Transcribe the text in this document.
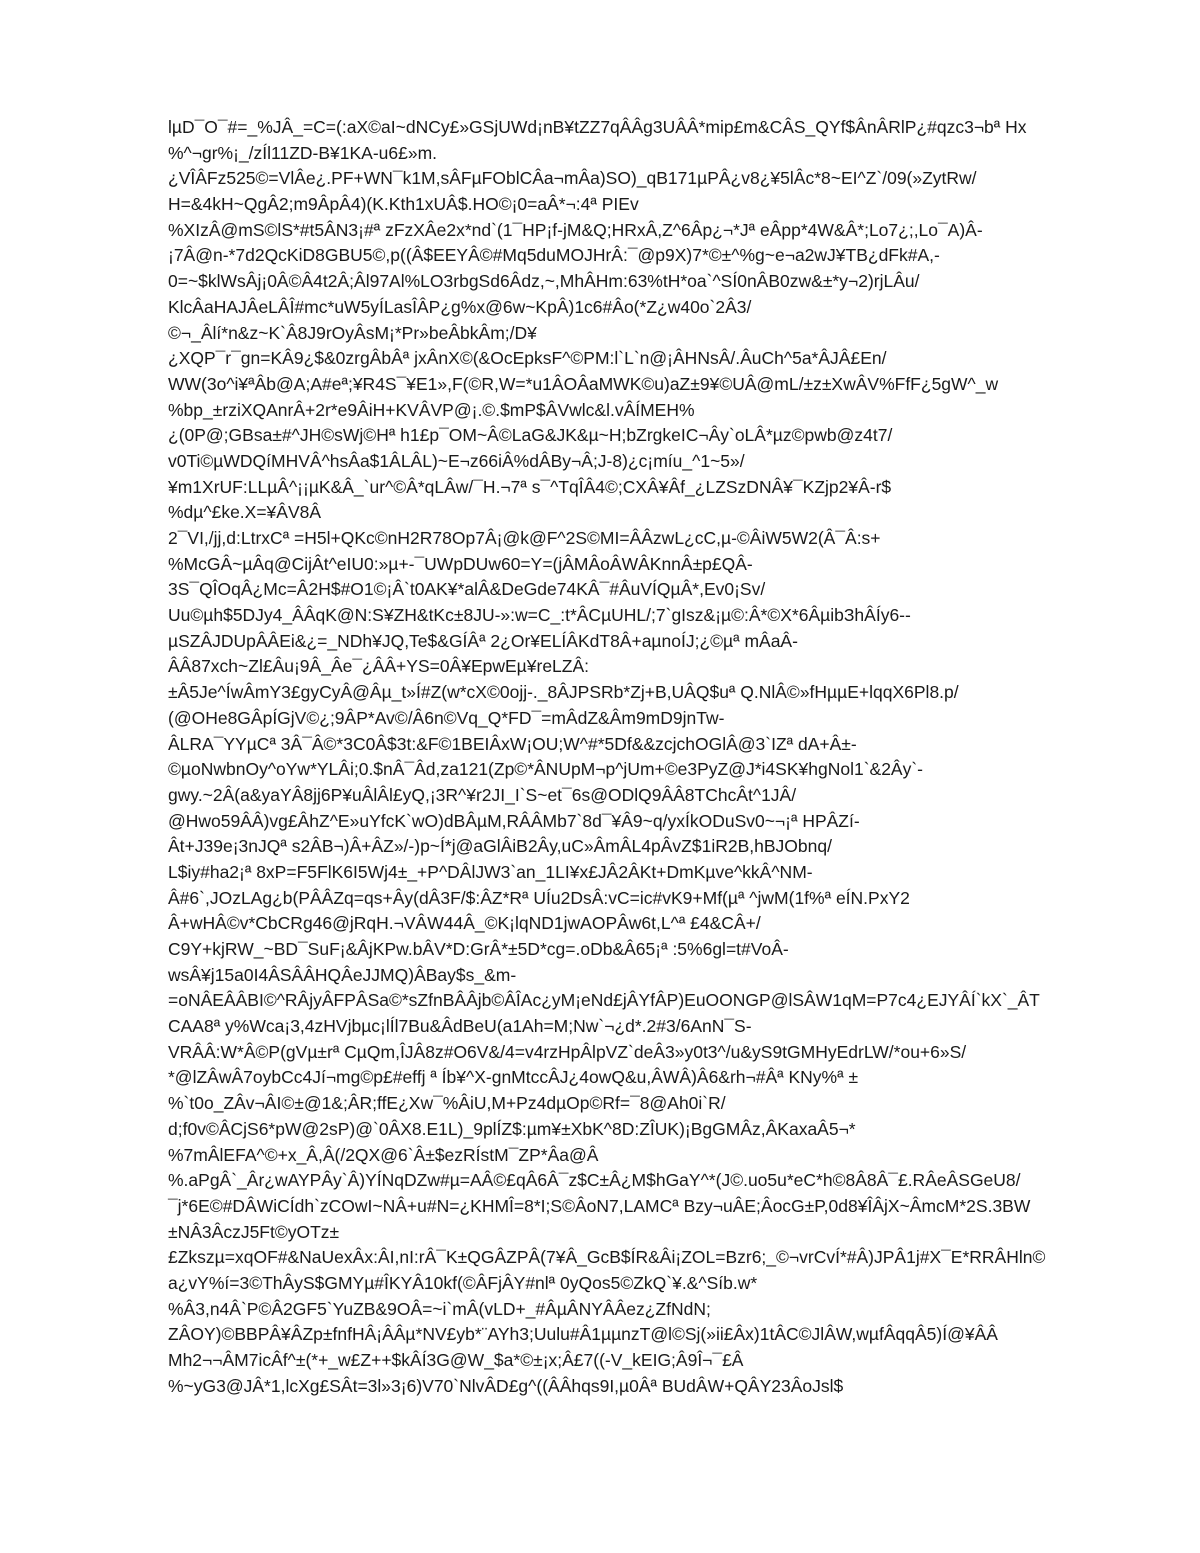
lµD¯O¯#=_%JÂ_=C=(:aX©aI~dNCy£»GSjUWd¡nB¥tZZ7qÂÂg3UÂÂ*mip£m&CÂS_QYf$ÂnÂRlP¿#qzc3¬bª Hx
%^¬gr%¡_/zÍl11ZD-B¥1KA-u6£»m.
¿VÎÂFz525©=VlÂe¿.PF+WN¯k1M,sÂFµFOblCÂa¬mÂa)SO)_qB171µPÂ¿v8¿¥5lÂc*8~EI^Z`/09(»ZytRw/
H=&4kH~QgÂ2;m9ÂpÂ4)(K.Kth1xUÂ$.HO©¡0=aÂ*¬:4ª PIEv
%XIzÂ@mS©lS*#t5ÂN3¡#ª zFzXÂe2x*nd`(1¯HP¡f-jM&Q;HRxÂ,Z^6Âp¿¬*Jª eÂpp*4W&Â*;Lo7¿;,Lo¯A)Â-
¡7Â@n-*7d2QcKiD8GBU5©,p((Â$EEYÂ©#Mq5duMOJHrÂ:¯@p9X)7*©±^%g~e¬a2wJ¥TB¿dFk#A,-
0=~$klWsÂj¡0Â©Â4t2Â;Âl97Al%LO3rbgSd6Âdz,~,MhÂHm:63%tH*oa`^SÍ0nÂB0zw&±*y¬2)rjLÂu/
KlcÂaHAJÂeLÂÎ#mc*uW5yÍLasÎÂP¿g%x@6w~KpÂ)1c6#Âo(*Z¿w40o`2Â3/
©¬_Âlí*n&z~K`Â8J9rOyÂsM¡*Pr»beÂbkÂm;/D¥
¿XQP¯r¯gn=KÂ9¿$&0zrgÂbÂª jxÂnX©(&OcEpksF^©PM:l`L`n@¡ÂHNsÂ/.ÂuCh^5a*ÂJÂ£En/
WW(3o^i¥ªÂb@A;A#eª;¥R4S¯¥E1»,F(©R,W=*u1ÂOÂaMWK©u)aZ±9¥©UÂ@mL/±z±XwÂV%FfF¿5gW^_w
%bp_±rziXQAnrÂ+2r*e9ÂiH+KVÂVP@¡.©.$mP$ÂVwlc&l.vÂÍMEH%
¿(0P@;GBsa±#^JH©sWj©Hª h1£p¯OM~Â©LaG&JK&µ~H;bZrgkeIC¬Ây`oLÂ*µz©pwb@z4t7/
v0Ti©µWDQíMHVÂ^hsÂa$1ÂLÂL)~E¬z66iÂ%dÂBy¬Â;J-8)¿c¡míu_^1~5»/
¥m1XrUF:LLµÂ^¡¡µK&Â_`ur^©Â*qLÂw/¯H.¬7ª s¯^TqÎÂ4©;CXÂ¥Âf_¿LZSzDNÂ¥¯KZjp2¥Â-r$
%dµ^£ke.X=¥ÂV8Â
2¯VI,/jj,d:LtrxCª =H5l+QKc©nH2R78Op7Â¡@k@F^2S©MI=ÂÂzwL¿cC,µ-©ÂiW5W2(Â¯Â:s+
%McGÂ~µÂq@CijÂt^eIU0:»µ+-¯UWpDUw60=Y=(jÂMÂoÂWÂKnnÂ±p£QÂ-
3S¯QÎOqÂ¿Mc=Â2H$#O1©¡Â`t0AK¥*alÂ&DeGde74KÂ¯#ÂuVÍQµÂ*,Ev0¡Sv/
Uu©µh$5DJy4_ÂÂqK@N:S¥ZH&tKc±8JU-»:w=C_:t*ÂCµUHL/;7`gIsz&¡µ©:Â*©X*6ÂµibЗhÂÍy6--
µSZÂJDUpÂÂEi&¿=_NDh¥JQ,Te$&GÍÂª 2¿Or¥ELÍÂKdT8Â+aµnoÍJ;¿©µª mÂaÂ-
ÂÂ87xch~Zl£Âu¡9Â_Âe¯¿ÂÂ+YS=0Â¥EpwEµ¥reLZÂ:
±Â5Je^ÍwÂmY3£gyCyÂ@Âµ_t»Í#Z(w*cX©0ojj-._8ÂJPSRb*Zj+B,UÂQ$uª Q.NlÂ©»fHµµE+lqqX6Pl8.p/
(@OHe8GÂpÍGjV©¿;9ÂP*Av©/Â6n©Vq_Q*FD¯=mÂdZ&Âm9mD9jnTw-
ÂLRA¯YYµCª 3Â¯Â©*3C0Â$3t:&F©1BEIÂxW¡OU;W^#*5Df&&zcjchOGlÂ@3`IZª dA+Â±-
©µoNwbnOy^oYw*YLÂi;0.$nÂ¯Âd,za121(Zp©*ÂNUpM¬p^jUm+©e3PyZ@J*i4SK¥hgNol1`&2Ây`-
gwy.~2Â(a&yaYÂ8jj6P¥uÂlÂl£yQ,¡3R^¥r2JI_I`S~et¯6s@ODlQ9ÂÂ8TChcÂt^1JÂ/
@Hwo59ÂÂ)vg£ÂhZ^E»uYfcK`wO)dBÂµM,RÂÂMb7`8d¯¥Â9~q/yxÍkODuSv0~¬¡ª HPÂZí-
Ât+J39e¡3nJQª s2ÂB¬)Â+ÂZ»/-)p~Í*j@aGlÂiB2Ây,uC»ÂmÂL4pÂvZ$1iR2B,hBJObnq/
L$iy#ha2¡ª 8xP=F5FlK6I5Wj4±_+P^DÂlJW3`an_1LI¥x£JÂ2ÂKt+DmKµve^kkÂ^NM-
Â#6`,JOzLAg¿b(PÂÂZq=qs+Ây(dÂ3F/$:ÂZ*Rª UÍu2DsÂ:vC=ic#vK9+Mf(µª ^jwM(1f%ª eÍN.PxY2
Â+wHÂ©v*CbCRg46@jRqH.¬VÂW44Â_©K¡lqND1jwAOPÂw6t,L^ª £4&CÂ+/
C9Y+kjRW_~BD¯SuF¡&ÂjKPw.bÂV*D:GrÂ*±5D*cg=.oDb&Â65¡ª :5%6gl=t#VoÂ-
wsÂ¥j15a0I4ÂSÂÂHQÂeJJMQ)ÂBay$s_&m-
=oNÂEÂÂBI©^RÂjyÂFPÂSa©*sZfnBÂÂjb©ÂÎAc¿yM¡eNd£jÂYfÂP)EuOONGP@lSÂW1qM=P7c4¿EJYÂÍ`kX`_ÂT
CAA8ª y%Wca¡3,4zHVjbµc¡lÍl7Bu&ÂdBeU(a1Ah=M;Nw`¬¿d*.2#3/6AnN¯S-
VRÂÂ:W*Â©P(gVµ±rª CµQm,ÎJÂ8z#O6V&/4=v4rzHpÂlpVZ`deÂ3»y0t3^/u&yS9tGMHyEdrLW/*ou+6»S/
*@lZÂwÂ7oybCc4Jí¬mg©p£#effj ª Íb¥^X-gnMtccÂJ¿4owQ&u,ÂWÂ)Â6&rh¬#Âª KNy%ª ±
%`t0o_ZÂv¬ÂI©±@1&;ÂR;ffE¿Xw¯%ÂiU,M+Pz4dµOp©Rf=¯8@Ah0i`R/
d;f0v©ÂCjS6*pW@2sP)@`0ÂX8.E1L)_9plÍZ$:µm¥±XbK^8D:ZÎUK)¡BgGMÂz,ÂKaxaÂ5¬*
%7mÂlEFA^©+x_Â,Â(/2QX@6`Â±$ezRÍstM¯ZP*Âa@Â
%.aPgÂ`_Âr¿wAYPÂy`Â)YÍNqDZw#µ=AÂ©£qÂ6Â¯z$C±Â¿M$hGaY^*(J©.uo5u*eC*h©8Â8Â¯£.RÂeÂSGeU8/
¯j*6E©#DÂWiCÍdh`zCOwI~NÂ+u#N=¿KHMÎ=8*I;S©ÂoN7,LAMCª Bzy¬uÂE;ÂocG±P,0d8¥ÎÂjX~ÂmcM*2S.3BW
±NÂ3ÂczJ5Ft©yOTz±
£Zkszµ=xqOF#&NaUexÂx:ÂI,nI:rÂ¯K±QGÂZPÂ(7¥Â_GcB$ÍR&Âi¡ZOL=Bzr6;_©¬vrCvÍ*#Â)JPÂ1j#X¯E*RRÂHln©
a¿vY%í=3©ThÂyS$GMYµ#ÎKYÂ10kf(©ÂFjÂY#nlª 0yQos5©ZkQ`¥.&^Síb.w*
%Â3,n4Â`P©Â2GF5`YuZB&9OÂ=~i`mÂ(vLD+_#ÂµÂNYÂÂez¿ZfNdN;
ZÂOY)©BBPÂ¥ÂZp±fnfHÂ¡ÂÂµ*NV£yb*¨AYh3;Uulu#Â1µµnzT@l©Sj(»ii£Âx)1tÂC©JlÂW,wµfÂqqÂ5)Í@¥ÂÂ
Mh2¬¬ÂM7icÂf^±(*+_w£Z++$kÂÍ3G@W_$a*©±¡x;Â£7((-V_kEIG;Â9Î¬¯£Â
%~yG3@JÂ*1,lcXg£SÂt=3l»3¡6)V70`NlvÂD£g^((ÂÂhqs9I,µ0Âª BUdÂW+QÂY23ÂoJsl$
